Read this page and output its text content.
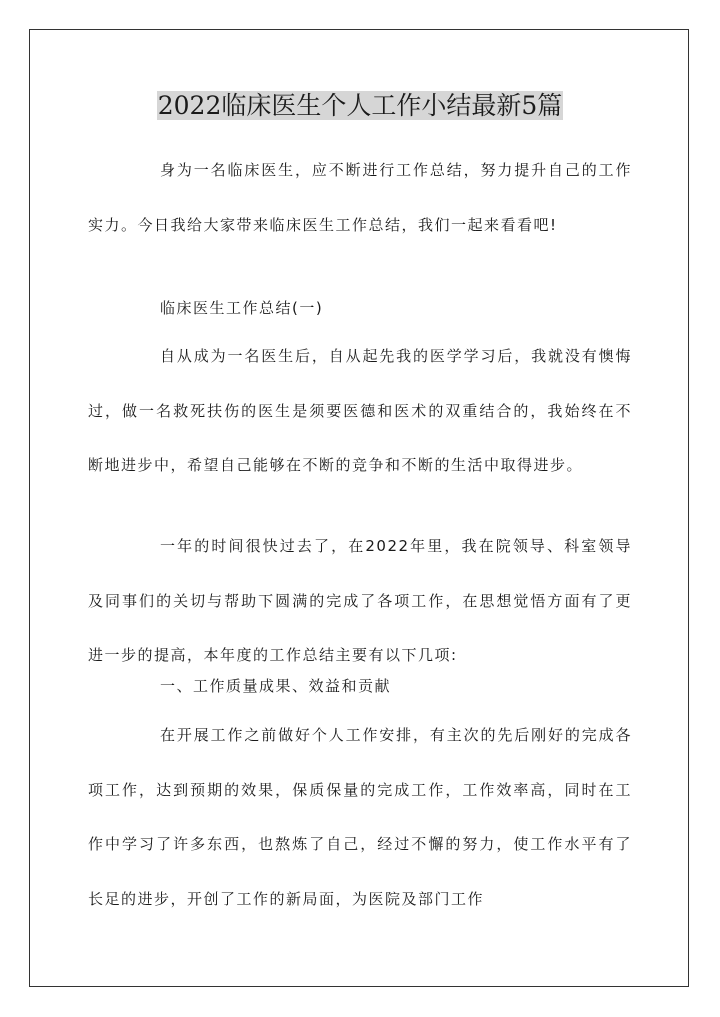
2022临床医生个人工作小结最新5篇

身为一名临床医生，应不断进行工作总结，努力提升自己的工作实力。今日我给大家带来临床医生工作总结，我们一起来看看吧!

临床医生工作总结(一)

自从成为一名医生后，自从起先我的医学学习后，我就没有懊悔过，做一名救死扶伤的医生是须要医德和医术的双重结合的，我始终在不断地进步中，希望自己能够在不断的竞争和不断的生活中取得进步。

一年的时间很快过去了，在2022年里，我在院领导、科室领导及同事们的关切与帮助下圆满的完成了各项工作，在思想觉悟方面有了更进一步的提高，本年度的工作总结主要有以下几项:

一、工作质量成果、效益和贡献

在开展工作之前做好个人工作安排，有主次的先后刚好的完成各项工作，达到预期的效果，保质保量的完成工作，工作效率高，同时在工作中学习了许多东西，也熬炼了自己，经过不懈的努力，使工作水平有了长足的进步，开创了工作的新局面，为医院及部门工作
